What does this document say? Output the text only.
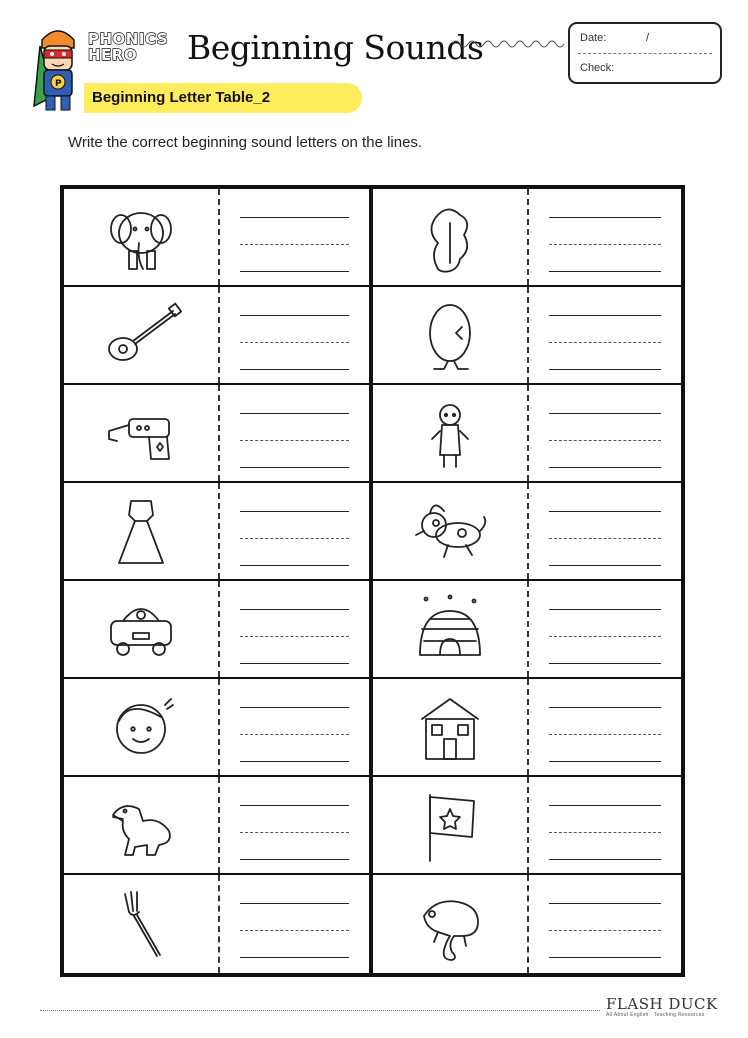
P
PHONICS
HERO	Beginning Sounds	Date:	/
Check:
Beginning Letter Table_2
Write the correct beginning sound letters on the lines.
FLASH DUCK
All About English · Teaching Resources
